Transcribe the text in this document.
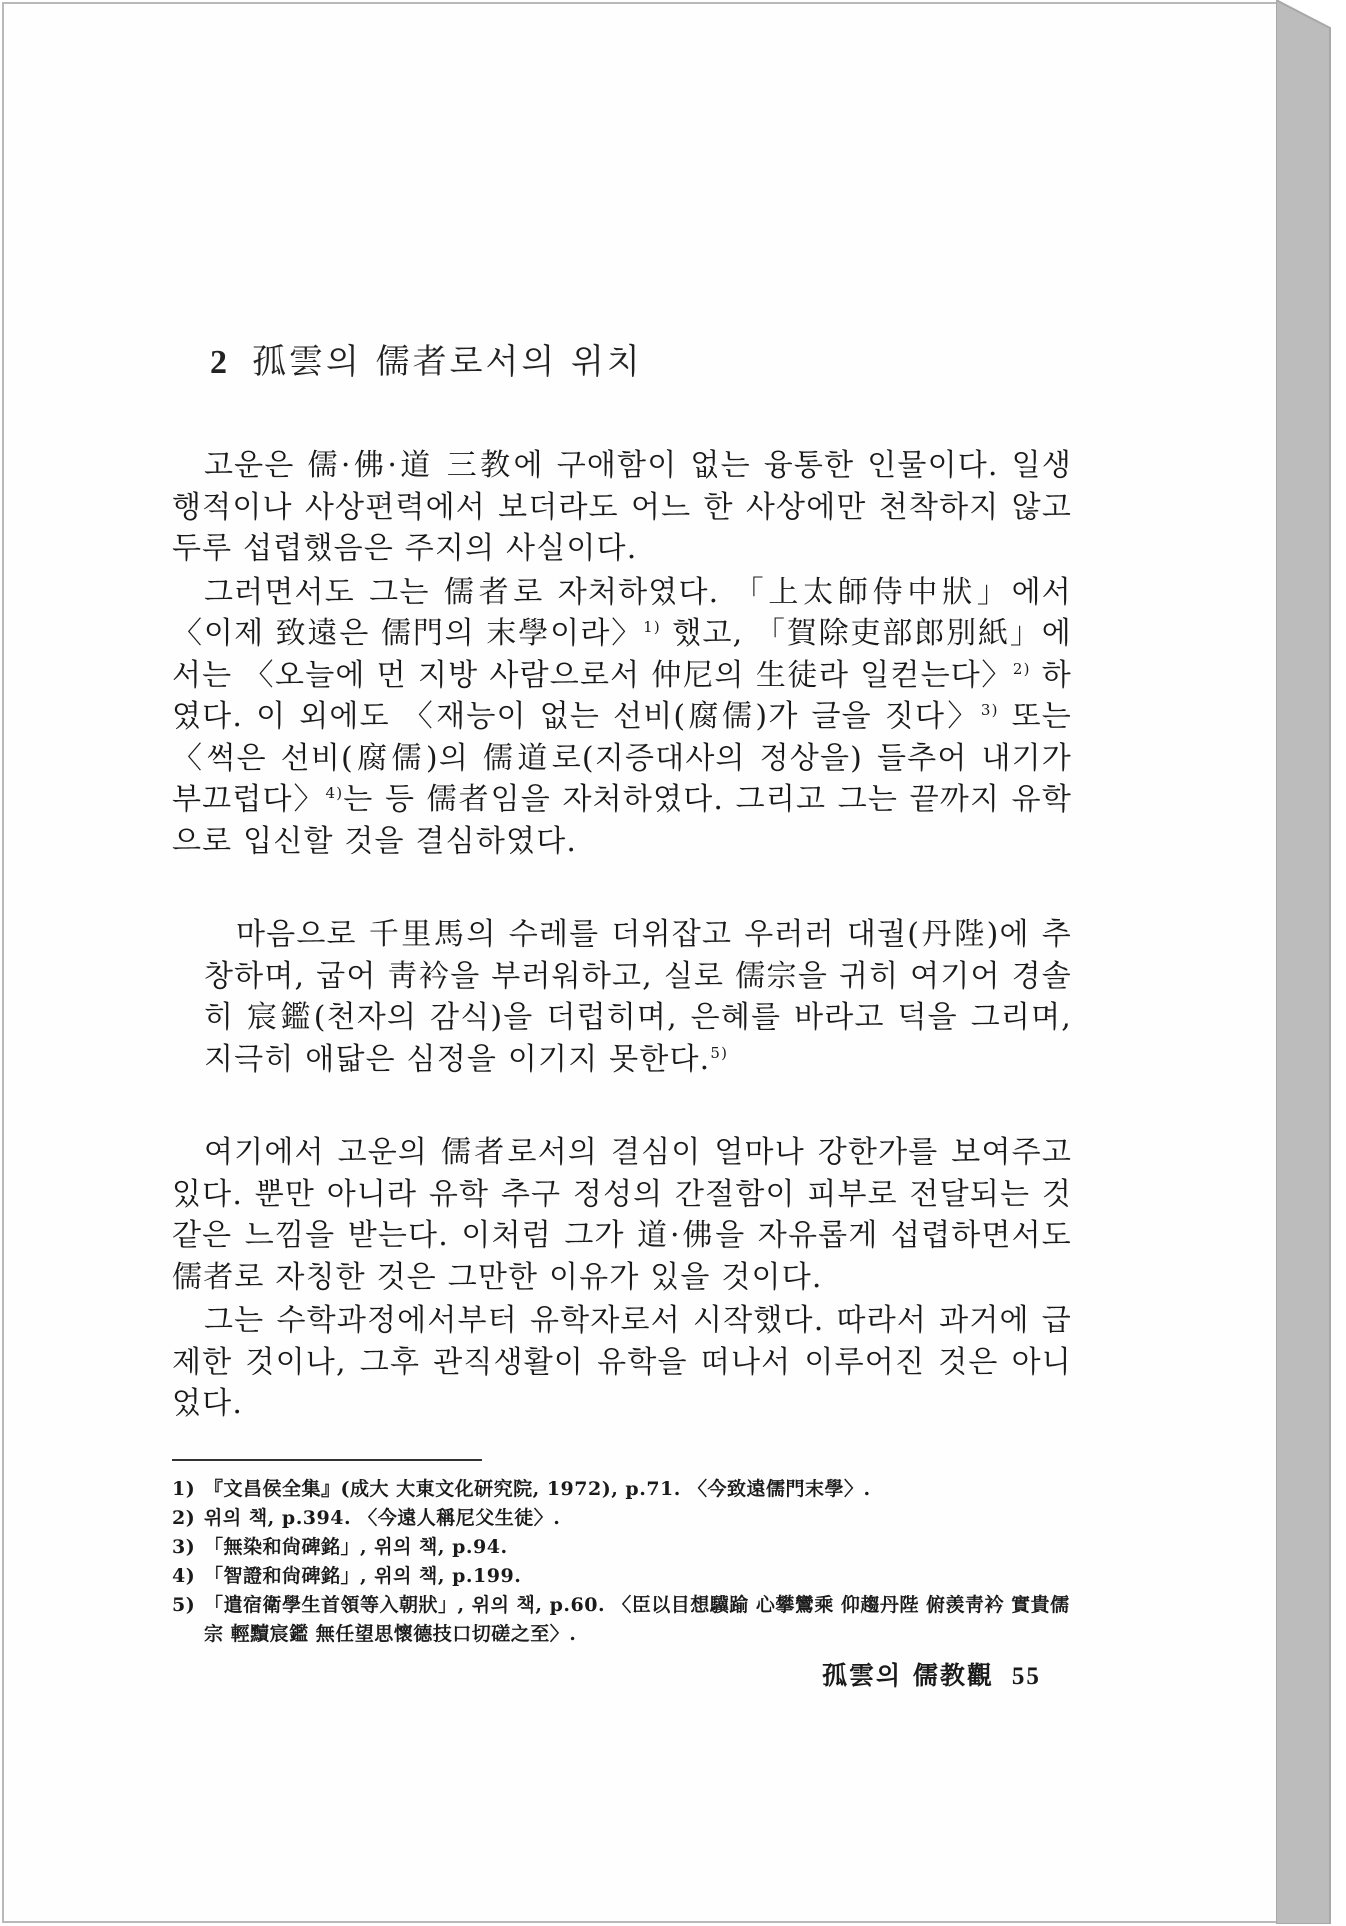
2 孤雲의 儒者로서의 위치

고운은 儒·佛·道 三教에 구애함이 없는 융통한 인물이다. 일생 행적이나 사상편력에서 보더라도 어느 한 사상에만 천착하지 않고 두루 섭렵했음은 주지의 사실이다.

그러면서도 그는 儒者로 자처하였다. 「上太師侍中狀」에서 〈이제 致遠은 儒門의 末學이라〉$^{1)}$ 했고, 「賀除吏部郎別紙」에서는 〈오늘에 먼 지방 사람으로서 仲尼의 生徒라 일컫는다〉$^{2)}$ 하였다. 이 외에도 〈재능이 없는 선비(腐儒)가 글을 짓다〉$^{3)}$ 또는 〈썩은 선비(腐儒)의 儒道로(지증대사의 정상을) 들추어 내기가 부끄럽다〉$^{4)}$는 등 儒者임을 자처하였다. 그리고 그는 끝까지 유학으로 입신할 것을 결심하였다.

마음으로 千里馬의 수레를 더위잡고 우러러 대궐(丹陛)에 추창하며, 굽어 靑衿을 부러워하고, 실로 儒宗을 귀히 여기어 경솔히 宸鑑(천자의 감식)을 더럽히며, 은혜를 바라고 덕을 그리며, 지극히 애닯은 심정을 이기지 못한다.$^{5)}$

여기에서 고운의 儒者로서의 결심이 얼마나 강한가를 보여주고 있다. 뿐만 아니라 유학 추구 정성의 간절함이 피부로 전달되는 것 같은 느낌을 받는다. 이처럼 그가 道·佛을 자유롭게 섭렵하면서도 儒者로 자칭한 것은 그만한 이유가 있을 것이다.

그는 수학과정에서부터 유학자로서 시작했다. 따라서 과거에 급제한 것이나, 그후 관직생활이 유학을 떠나서 이루어진 것은 아니었다.

1) 『文昌侯全集』(成大 大東文化研究院, 1972), p.71. 〈今致遠儒門末學〉.
2) 위의 책, p.394. 〈今遠人稱尼父生徒〉.
3) 「無染和尙碑銘」, 위의 책, p.94.
4) 「智證和尙碑銘」, 위의 책, p.199.
5) 「遣宿衛學生首領等入朝狀」, 위의 책, p.60. 〈臣以目想驥踰 心攀鸞乘 仰趨丹陛 俯羡靑衿 實貴儒宗 輕黷宸鑑 無任望思懷德技口切磋之至〉.
孤雲의 儒教觀 55
